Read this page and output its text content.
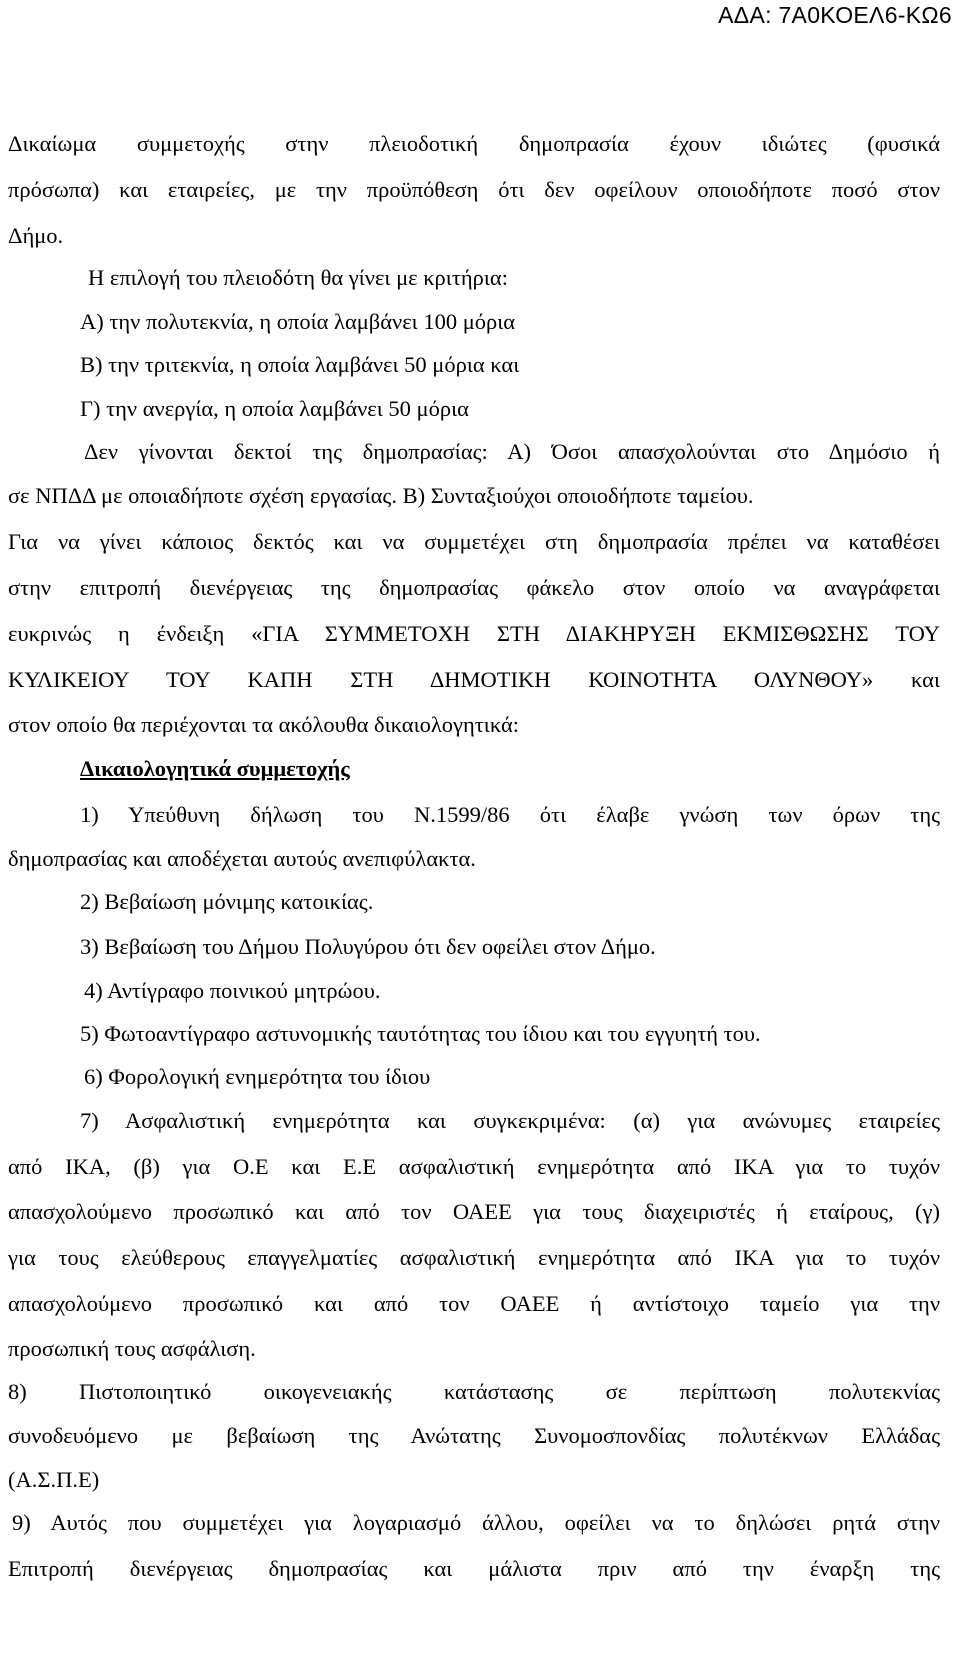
ΑΔΑ: 7Α0ΚΟΕΛ6-ΚΩ6
Δικαίωμα συμμετοχής στην πλειοδοτική δημοπρασία έχουν ιδιώτες (φυσικά
πρόσωπα) και εταιρείες, με την προϋπόθεση ότι δεν οφείλουν οποιοδήποτε ποσό στον
Δήμο.
Η επιλογή του πλειοδότη θα γίνει με κριτήρια:
Α) την πολυτεκνία, η οποία λαμβάνει 100 μόρια
Β) την τριτεκνία, η οποία λαμβάνει 50 μόρια και
Γ) την ανεργία, η οποία λαμβάνει 50 μόρια
Δεν γίνονται δεκτοί της δημοπρασίας: Α) Όσοι απασχολούνται στο Δημόσιο ή
σε ΝΠΔΔ με οποιαδήποτε σχέση εργασίας. Β) Συνταξιούχοι οποιοδήποτε ταμείου.
Για να γίνει κάποιος δεκτός και να συμμετέχει στη δημοπρασία πρέπει να καταθέσει
στην επιτροπή διενέργειας της δημοπρασίας φάκελο στον οποίο να αναγράφεται
ευκρινώς η ένδειξη «ΓΙΑ ΣΥΜΜΕΤΟΧΗ ΣΤΗ ΔΙΑΚΗΡΥΞΗ ΕΚΜΙΣΘΩΣΗΣ ΤΟΥ
ΚΥΛΙΚΕΙΟΥ ΤΟΥ ΚΑΠΗ ΣΤΗ ΔΗΜΟΤΙΚΗ ΚΟΙΝΟΤΗΤΑ ΟΛΥΝΘΟΥ» και
στον οποίο θα περιέχονται τα ακόλουθα δικαιολογητικά:
Δικαιολογητικά συμμετοχής
1) Υπεύθυνη δήλωση του Ν.1599/86 ότι έλαβε γνώση των όρων της
δημοπρασίας και αποδέχεται αυτούς ανεπιφύλακτα.
2) Βεβαίωση μόνιμης κατοικίας.
3) Βεβαίωση του Δήμου Πολυγύρου ότι δεν οφείλει στον Δήμο.
4) Αντίγραφο ποινικού μητρώου.
5) Φωτοαντίγραφο αστυνομικής ταυτότητας του ίδιου και του εγγυητή του.
6) Φορολογική ενημερότητα του ίδιου
7) Ασφαλιστική ενημερότητα και συγκεκριμένα: (α) για ανώνυμες εταιρείες
από ΙΚΑ, (β) για Ο.Ε και Ε.Ε ασφαλιστική ενημερότητα από ΙΚΑ για το τυχόν
απασχολούμενο προσωπικό και από τον ΟΑΕΕ για τους διαχειριστές ή εταίρους, (γ)
για τους ελεύθερους επαγγελματίες ασφαλιστική ενημερότητα από ΙΚΑ για το τυχόν
απασχολούμενο προσωπικό και από τον ΟΑΕΕ ή αντίστοιχο ταμείο για την
προσωπική τους ασφάλιση.
8) Πιστοποιητικό οικογενειακής κατάστασης σε περίπτωση πολυτεκνίας
συνοδευόμενο με βεβαίωση της Ανώτατης Συνομοσπονδίας πολυτέκνων Ελλάδας
(Α.Σ.Π.Ε)
9) Αυτός που συμμετέχει για λογαριασμό άλλου, οφείλει να το δηλώσει ρητά στην
Επιτροπή διενέργειας δημοπρασίας και μάλιστα πριν από την έναρξη της
